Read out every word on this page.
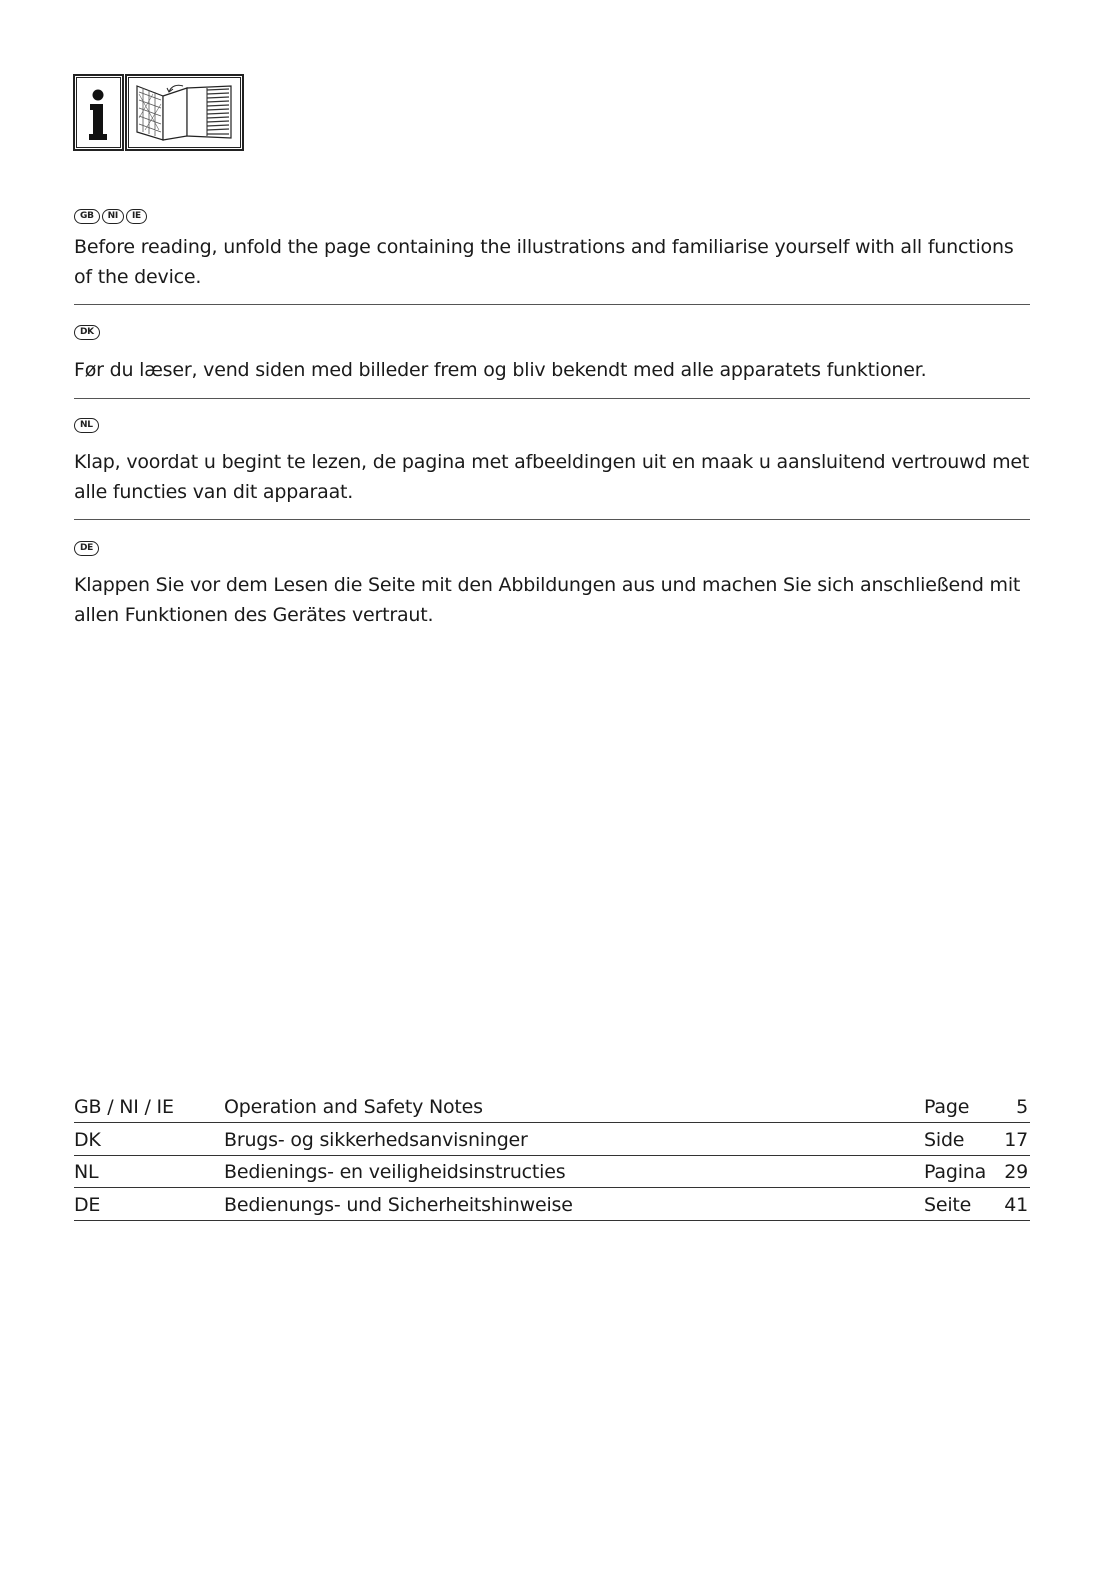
GB	NI	IE

Before reading, unfold the page containing the illustrations and familiarise yourself with all functions of the device.

DK

Før du læser, vend siden med billeder frem og bliv bekendt med alle apparatets funktioner.

NL

Klap, voordat u begint te lezen, de pagina met afbeeldingen uit en maak u aansluitend vertrouwd met alle functies van dit apparaat.

DE

Klappen Sie vor dem Lesen die Seite mit den Abbildungen aus und machen Sie sich anschließend mit allen Funktionen des Gerätes vertraut.

GB / NI / IE	Operation and Safety Notes	Page 5
DK	Brugs- og sikkerhedsanvisninger	Side 17
NL	Bedienings- en veiligheidsinstructies	Pagina 29
DE	Bedienungs- und Sicherheitshinweise	Seite 41
